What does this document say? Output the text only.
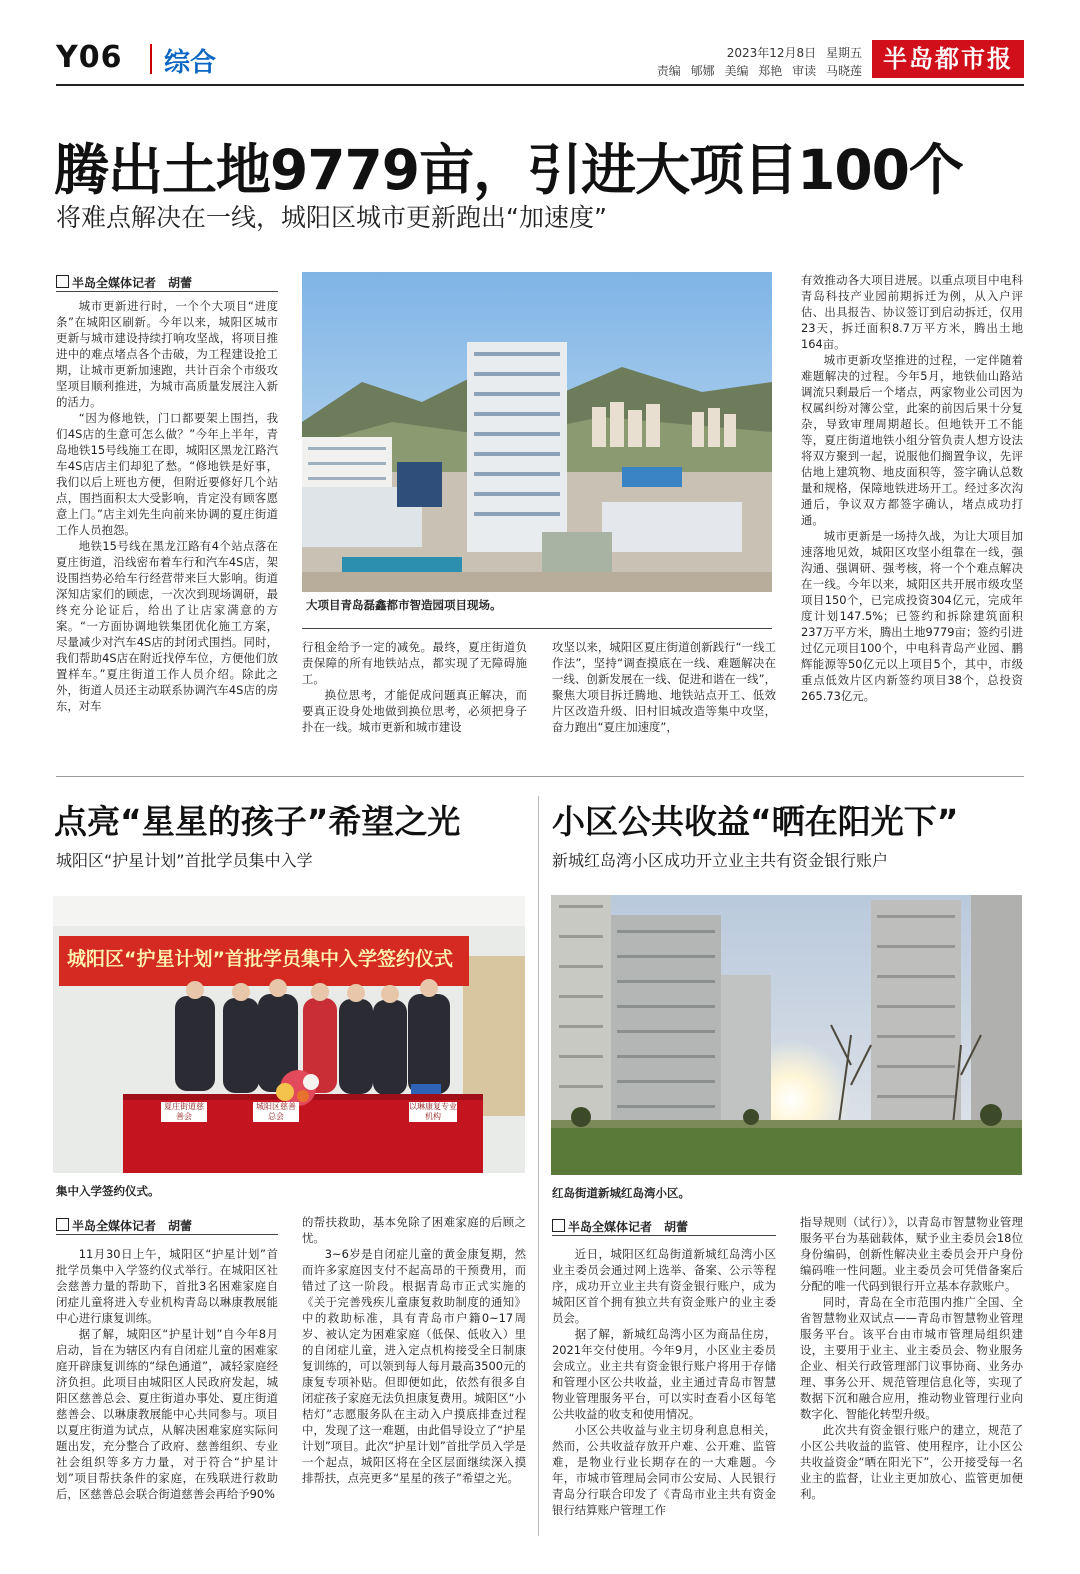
Y06 综合	2023年12月8日 星期五
责编 郇娜 美编 郑艳 审读 马晓莲 半岛都市报
腾出土地9779亩，引进大项目100个
将难点解决在一线，城阳区城市更新跑出“加速度”
半岛全媒体记者 胡蕾

城市更新进行时，一个个大项目“进度条”在城阳区刷新。今年以来，城阳区城市更新与城市建设持续打响攻坚战，将项目推进中的难点堵点各个击破，为工程建设抢工期，让城市更新加速跑，共计百余个市级攻坚项目顺利推进，为城市高质量发展注入新的活力。

“因为修地铁，门口都要架上围挡，我们4S店的生意可怎么做？”今年上半年，青岛地铁15号线施工在即，城阳区黑龙江路汽车4S店店主们却犯了愁。“修地铁是好事，我们以后上班也方便，但附近要修好几个站点，围挡面积太大受影响，肯定没有顾客愿意上门。”店主刘先生向前来协调的夏庄街道工作人员抱怨。

地铁15号线在黑龙江路有4个站点落在夏庄街道，沿线密布着车行和汽车4S店，架设围挡势必给车行经营带来巨大影响。街道深知店家们的顾虑，一次次到现场调研，最终充分论证后，给出了让店家满意的方案。“一方面协调地铁集团优化施工方案，尽量减少对汽车4S店的封闭式围挡。同时，我们帮助4S店在附近找停车位，方便他们放置样车。”夏庄街道工作人员介绍。除此之外，街道人员还主动联系协调汽车4S店的房东，对车

大项目青岛磊鑫都市智造园项目现场。

行租金给予一定的减免。最终，夏庄街道负责保障的所有地铁站点，都实现了无障碍施工。

换位思考，才能促成问题真正解决，而要真正设身处地做到换位思考，必须把身子扑在一线。城市更新和城市建设

攻坚以来，城阳区夏庄街道创新践行“一线工作法”，坚持“调查摸底在一线、难题解决在一线、创新发展在一线、促进和谐在一线”，聚焦大项目拆迁腾地、地铁站点开工、低效片区改造升级、旧村旧城改造等集中攻坚，奋力跑出“夏庄加速度”，

有效推动各大项目进展。以重点项目中电科青岛科技产业园前期拆迁为例，从入户评估、出具报告、协议签订到启动拆迁，仅用23天，拆迁面积8.7万平方米，腾出土地164亩。

城市更新攻坚推进的过程，一定伴随着难题解决的过程。今年5月，地铁仙山路站调流只剩最后一个堵点，两家物业公司因为权属纠纷对簿公堂，此案的前因后果十分复杂，导致审理周期超长。但地铁开工不能等，夏庄街道地铁小组分管负责人想方设法将双方聚到一起，说服他们搁置争议，先评估地上建筑物、地皮面积等，签字确认总数量和规格，保障地铁进场开工。经过多次沟通后，争议双方都签字确认，堵点成功打通。

城市更新是一场持久战，为让大项目加速落地见效，城阳区攻坚小组靠在一线，强沟通、强调研、强考核，将一个个难点解决在一线。今年以来，城阳区共开展市级攻坚项目150个，已完成投资304亿元，完成年度计划147.5%；已签约和拆除建筑面积237万平方米，腾出土地9779亩；签约引进过亿元项目100个，中电科青岛产业园、鹏辉能源等50亿元以上项目5个，其中，市级重点低效片区内新签约项目38个，总投资265.73亿元。

点亮“星星的孩子”希望之光
城阳区“护星计划”首批学员集中入学
城阳区“护星计划”首批学员集中入学签约仪式
夏庄街道慈善会
城阳区慈善总会
以琳康复专业机构
集中入学签约仪式。
半岛全媒体记者 胡蕾

11月30日上午，城阳区“护星计划”首批学员集中入学签约仪式举行。在城阳区社会慈善力量的帮助下，首批3名困难家庭自闭症儿童将进入专业机构青岛以琳康教展能中心进行康复训练。

据了解，城阳区“护星计划”自今年8月启动，旨在为辖区内有自闭症儿童的困难家庭开辟康复训练的“绿色通道”，减轻家庭经济负担。此项目由城阳区人民政府发起，城阳区慈善总会、夏庄街道办事处、夏庄街道慈善会、以琳康教展能中心共同参与。项目以夏庄街道为试点，从解决困难家庭实际问题出发，充分整合了政府、慈善组织、专业社会组织等多方力量，对于符合“护星计划”项目帮扶条件的家庭，在残联进行救助后，区慈善总会联合街道慈善会再给予90%

的帮扶救助，基本免除了困难家庭的后顾之忧。

3~6岁是自闭症儿童的黄金康复期，然而许多家庭因支付不起高昂的干预费用，而错过了这一阶段。根据青岛市正式实施的《关于完善残疾儿童康复救助制度的通知》中的救助标准，具有青岛市户籍0~17周岁、被认定为困难家庭（低保、低收入）里的自闭症儿童，进入定点机构接受全日制康复训练的，可以领到每人每月最高3500元的康复专项补贴。但即便如此，依然有很多自闭症孩子家庭无法负担康复费用。城阳区“小桔灯”志愿服务队在主动入户摸底排查过程中，发现了这一难题，由此倡导设立了“护星计划”项目。此次“护星计划”首批学员入学是一个起点，城阳区将在全区层面继续深入摸排帮扶，点亮更多“星星的孩子”希望之光。

小区公共收益“晒在阳光下”
新城红岛湾小区成功开立业主共有资金银行账户
红岛街道新城红岛湾小区。
半岛全媒体记者 胡蕾

近日，城阳区红岛街道新城红岛湾小区业主委员会通过网上选举、备案、公示等程序，成功开立业主共有资金银行账户，成为城阳区首个拥有独立共有资金账户的业主委员会。

据了解，新城红岛湾小区为商品住房，2021年交付使用。今年9月，小区业主委员会成立。业主共有资金银行账户将用于存储和管理小区公共收益，业主通过青岛市智慧物业管理服务平台，可以实时查看小区每笔公共收益的收支和使用情况。

小区公共收益与业主切身利息息相关，然而，公共收益存放开户难、公开难、监管难，是物业行业长期存在的一大难题。今年，市城市管理局会同市公安局、人民银行青岛分行联合印发了《青岛市业主共有资金银行结算账户管理工作

指导规则（试行）》，以青岛市智慧物业管理服务平台为基础载体，赋予业主委员会18位身份编码，创新性解决业主委员会开户身份编码唯一性问题。业主委员会可凭借备案后分配的唯一代码到银行开立基本存款账户。

同时，青岛在全市范围内推广全国、全省智慧物业双试点——青岛市智慧物业管理服务平台。该平台由市城市管理局组织建设，主要用于业主、业主委员会、物业服务企业、相关行政管理部门议事协商、业务办理、事务公开、规范管理信息化等，实现了数据下沉和融合应用，推动物业管理行业向数字化、智能化转型升级。

此次共有资金银行账户的建立，规范了小区公共收益的监管、使用程序，让小区公共收益资金“晒在阳光下”，公开接受每一名业主的监督，让业主更加放心、监管更加便利。
